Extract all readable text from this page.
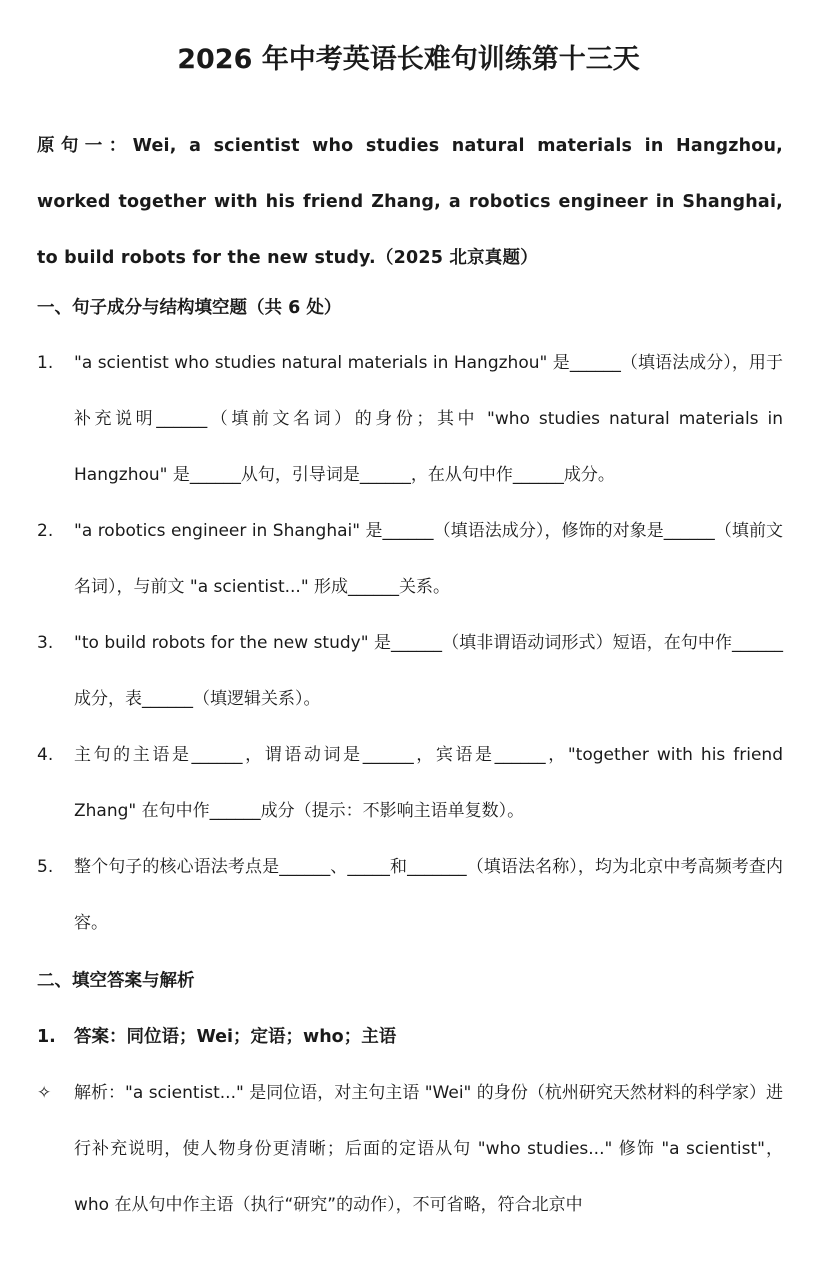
2026 年中考英语长难句训练第十三天
原句一：Wei, a scientist who studies natural materials in Hangzhou, worked together with his friend Zhang, a robotics engineer in Shanghai, to build robots for the new study.（2025 北京真题）
一、句子成分与结构填空题（共 6 处）
1.	"a scientist who studies natural materials in Hangzhou" 是______（填语法成分），用于补充说明______（填前文名词）的身份；其中 "who studies natural materials in Hangzhou" 是______从句，引导词是______，在从句中作______成分。
2.	"a robotics engineer in Shanghai" 是______（填语法成分），修饰的对象是______（填前文名词），与前文 "a scientist..." 形成______关系。
3.	"to build robots for the new study" 是______（填非谓语动词形式）短语，在句中作______成分，表______（填逻辑关系）。
4.	主句的主语是______，谓语动词是______，宾语是______，"together with his friend Zhang" 在句中作______成分（提示：不影响主语单复数）。
5.	整个句子的核心语法考点是______、_____和_______（填语法名称），均为北京中考高频考查内容。
二、填空答案与解析
1. 答案：同位语；Wei；定语；who；主语
✧ 解析："a scientist..." 是同位语，对主句主语 "Wei" 的身份（杭州研究天然材料的科学家）进行补充说明，使人物身份更清晰；后面的定语从句 "who studies..." 修饰 "a scientist"，who 在从句中作主语（执行“研究”的动作），不可省略，符合北京中
